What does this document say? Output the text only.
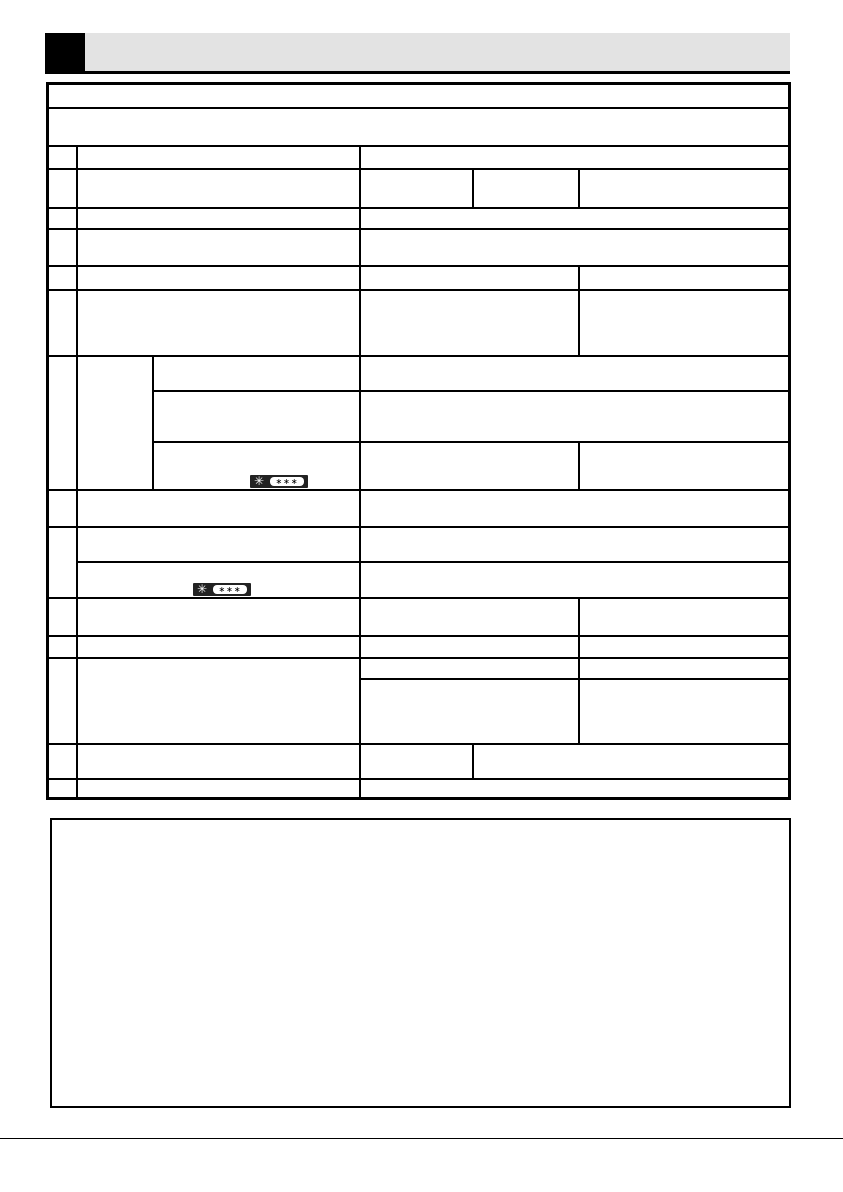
✳	∗∗∗
✳	∗∗∗
